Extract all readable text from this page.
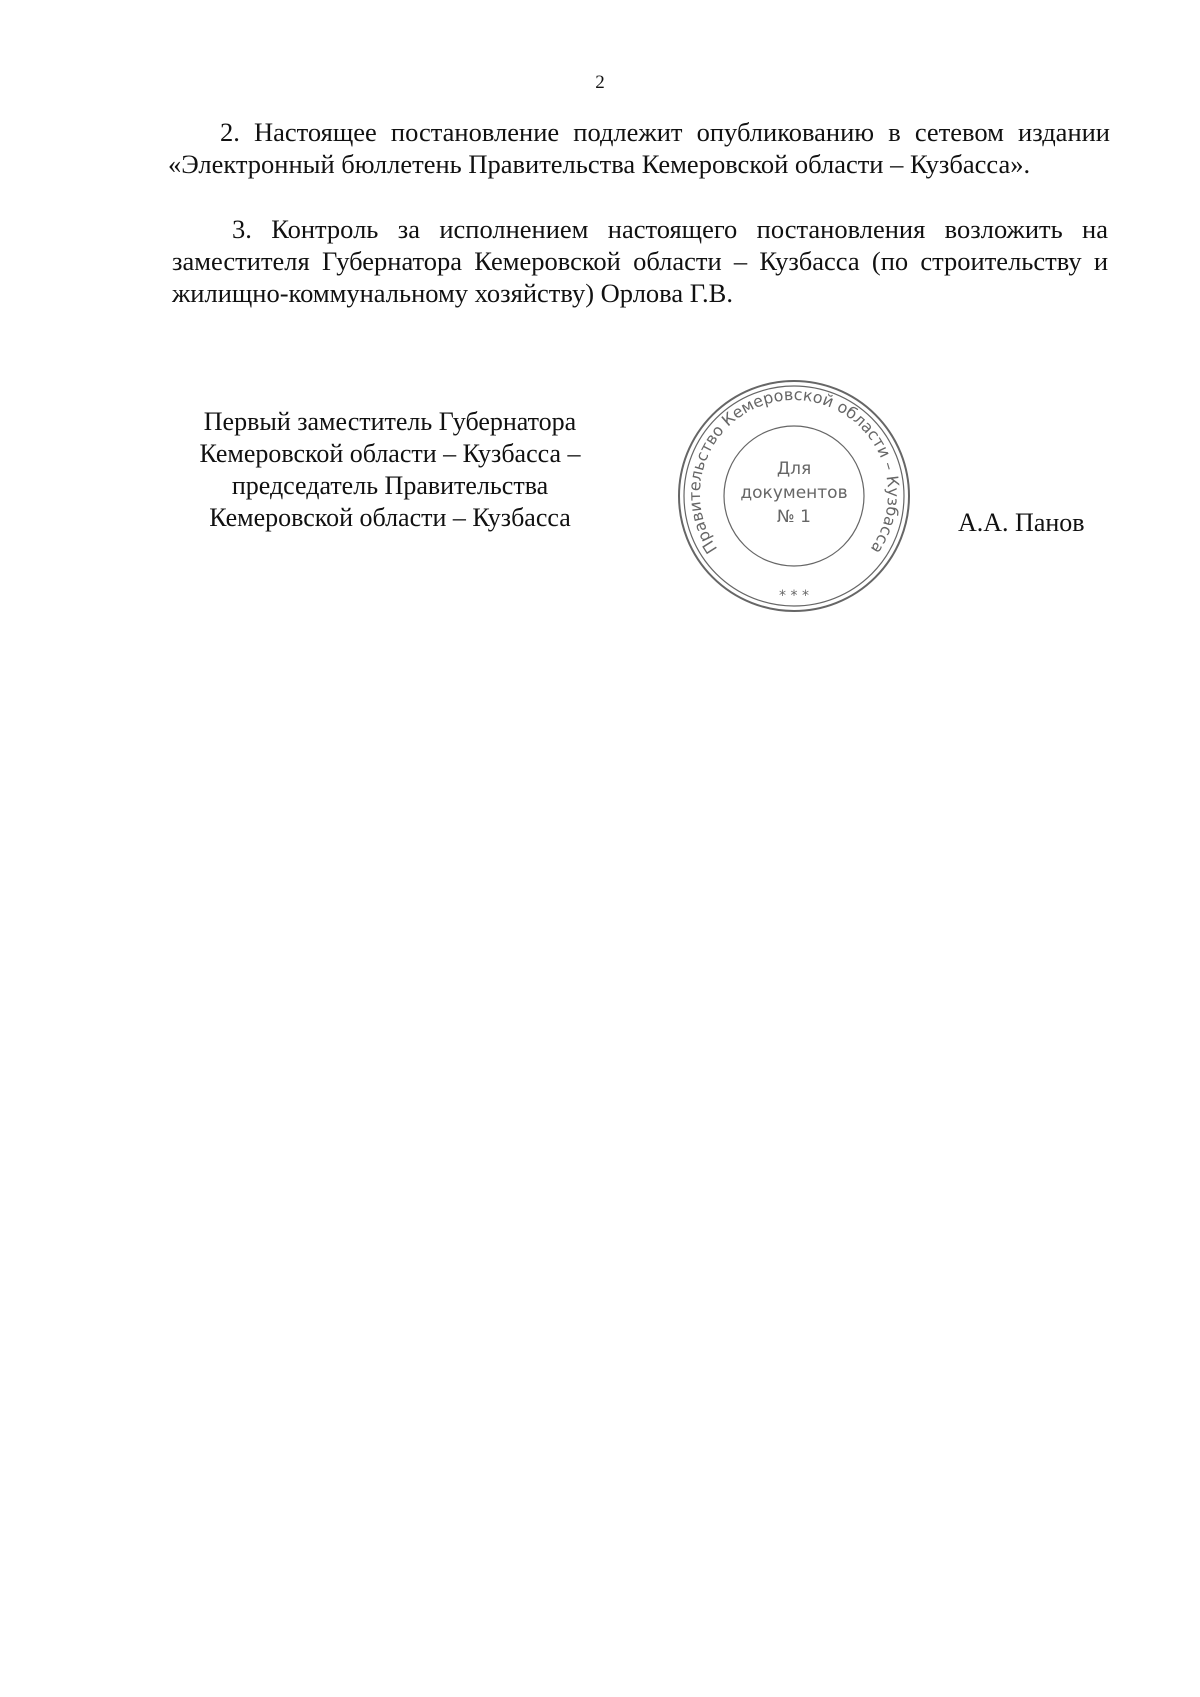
2
2. Настоящее постановление подлежит опубликованию в сетевом издании «Электронный бюллетень Правительства Кемеровской области – Кузбасса».
3. Контроль за исполнением настоящего постановления возложить на заместителя Губернатора Кемеровской области – Кузбасса (по строительству и жилищно-коммунальному хозяйству) Орлова Г.В.
Первый заместитель Губернатора
Кемеровской области – Кузбасса –
председатель Правительства
Кемеровской области – Кузбасса
Правительство Кемеровской области – Кузбасса
Для
документов
№ 1
* * *
А.А. Панов
